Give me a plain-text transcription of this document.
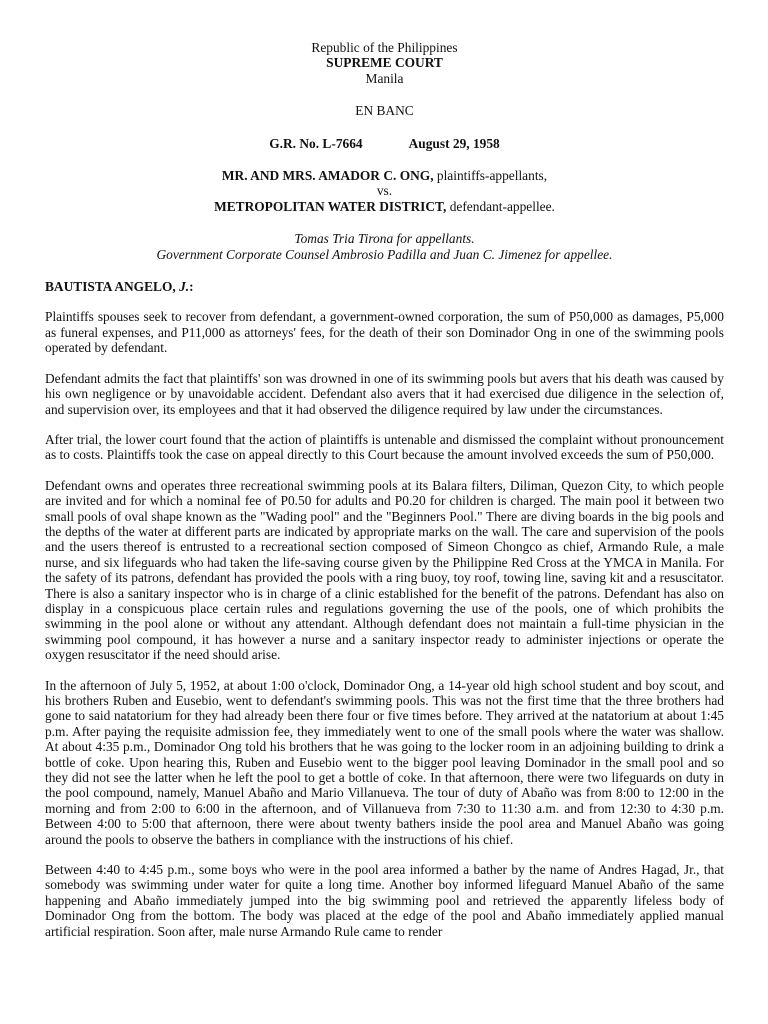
Republic of the Philippines
SUPREME COURT
Manila
EN BANC
G.R. No. L-7664	August 29, 1958
MR. AND MRS. AMADOR C. ONG, plaintiffs-appellants,
vs.
METROPOLITAN WATER DISTRICT, defendant-appellee.
Tomas Tria Tirona for appellants.
Government Corporate Counsel Ambrosio Padilla and Juan C. Jimenez for appellee.
BAUTISTA ANGELO, J.:

Plaintiffs spouses seek to recover from defendant, a government-owned corporation, the sum of P50,000 as damages, P5,000 as funeral expenses, and P11,000 as attorneys' fees, for the death of their son Dominador Ong in one of the swimming pools operated by defendant.

Defendant admits the fact that plaintiffs' son was drowned in one of its swimming pools but avers that his death was caused by his own negligence or by unavoidable accident. Defendant also avers that it had exercised due diligence in the selection of, and supervision over, its employees and that it had observed the diligence required by law under the circumstances.

After trial, the lower court found that the action of plaintiffs is untenable and dismissed the complaint without pronouncement as to costs. Plaintiffs took the case on appeal directly to this Court because the amount involved exceeds the sum of P50,000.

Defendant owns and operates three recreational swimming pools at its Balara filters, Diliman, Quezon City, to which people are invited and for which a nominal fee of P0.50 for adults and P0.20 for children is charged. The main pool it between two small pools of oval shape known as the "Wading pool" and the "Beginners Pool." There are diving boards in the big pools and the depths of the water at different parts are indicated by appropriate marks on the wall. The care and supervision of the pools and the users thereof is entrusted to a recreational section composed of Simeon Chongco as chief, Armando Rule, a male nurse, and six lifeguards who had taken the life-saving course given by the Philippine Red Cross at the YMCA in Manila. For the safety of its patrons, defendant has provided the pools with a ring buoy, toy roof, towing line, saving kit and a resuscitator. There is also a sanitary inspector who is in charge of a clinic established for the benefit of the patrons. Defendant has also on display in a conspicuous place certain rules and regulations governing the use of the pools, one of which prohibits the swimming in the pool alone or without any attendant. Although defendant does not maintain a full-time physician in the swimming pool compound, it has however a nurse and a sanitary inspector ready to administer injections or operate the oxygen resuscitator if the need should arise.

In the afternoon of July 5, 1952, at about 1:00 o'clock, Dominador Ong, a 14-year old high school student and boy scout, and his brothers Ruben and Eusebio, went to defendant's swimming pools. This was not the first time that the three brothers had gone to said natatorium for they had already been there four or five times before. They arrived at the natatorium at about 1:45 p.m. After paying the requisite admission fee, they immediately went to one of the small pools where the water was shallow. At about 4:35 p.m., Dominador Ong told his brothers that he was going to the locker room in an adjoining building to drink a bottle of coke. Upon hearing this, Ruben and Eusebio went to the bigger pool leaving Dominador in the small pool and so they did not see the latter when he left the pool to get a bottle of coke. In that afternoon, there were two lifeguards on duty in the pool compound, namely, Manuel Abaño and Mario Villanueva. The tour of duty of Abaño was from 8:00 to 12:00 in the morning and from 2:00 to 6:00 in the afternoon, and of Villanueva from 7:30 to 11:30 a.m. and from 12:30 to 4:30 p.m. Between 4:00 to 5:00 that afternoon, there were about twenty bathers inside the pool area and Manuel Abaño was going around the pools to observe the bathers in compliance with the instructions of his chief.

Between 4:40 to 4:45 p.m., some boys who were in the pool area informed a bather by the name of Andres Hagad, Jr., that somebody was swimming under water for quite a long time. Another boy informed lifeguard Manuel Abaño of the same happening and Abaño immediately jumped into the big swimming pool and retrieved the apparently lifeless body of Dominador Ong from the bottom. The body was placed at the edge of the pool and Abaño immediately applied manual artificial respiration. Soon after, male nurse Armando Rule came to render
